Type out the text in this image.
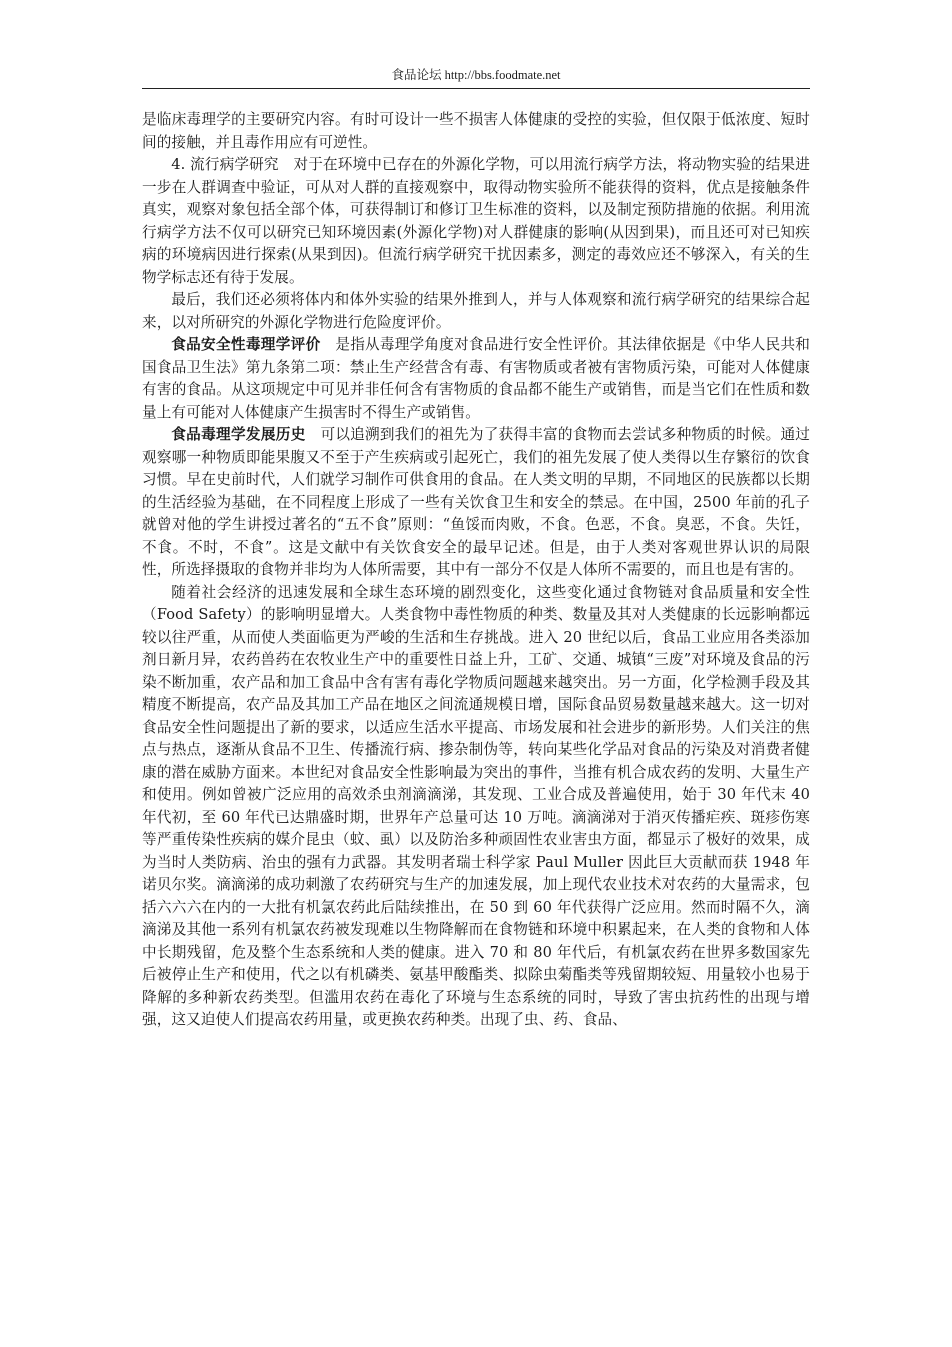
食品论坛 http://bbs.foodmate.net

是临床毒理学的主要研究内容。有时可设计一些不损害人体健康的受控的实验，但仅限于低浓度、短时间的接触，并且毒作用应有可逆性。

4. 流行病学研究　对于在环境中已存在的外源化学物，可以用流行病学方法，将动物实验的结果进一步在人群调查中验证，可从对人群的直接观察中，取得动物实验所不能获得的资料，优点是接触条件真实，观察对象包括全部个体，可获得制订和修订卫生标准的资料，以及制定预防措施的依据。利用流行病学方法不仅可以研究已知环境因素(外源化学物)对人群健康的影响(从因到果)，而且还可对已知疾病的环境病因进行探索(从果到因)。但流行病学研究干扰因素多，测定的毒效应还不够深入，有关的生物学标志还有待于发展。

最后，我们还必须将体内和体外实验的结果外推到人，并与人体观察和流行病学研究的结果综合起来，以对所研究的外源化学物进行危险度评价。

食品安全性毒理学评价　是指从毒理学角度对食品进行安全性评价。其法律依据是《中华人民共和国食品卫生法》第九条第二项：禁止生产经营含有毒、有害物质或者被有害物质污染，可能对人体健康有害的食品。从这项规定中可见并非任何含有害物质的食品都不能生产或销售，而是当它们在性质和数量上有可能对人体健康产生损害时不得生产或销售。

食品毒理学发展历史　可以追溯到我们的祖先为了获得丰富的食物而去尝试多种物质的时候。通过观察哪一种物质即能果腹又不至于产生疾病或引起死亡，我们的祖先发展了使人类得以生存繁衍的饮食习惯。早在史前时代，人们就学习制作可供食用的食品。在人类文明的早期，不同地区的民族都以长期的生活经验为基础，在不同程度上形成了一些有关饮食卫生和安全的禁忌。在中国，2500 年前的孔子就曾对他的学生讲授过著名的“五不食”原则：“鱼馁而肉败，不食。色恶，不食。臭恶，不食。失饪，不食。不时，不食”。这是文献中有关饮食安全的最早记述。但是，由于人类对客观世界认识的局限性，所选择摄取的食物并非均为人体所需要，其中有一部分不仅是人体所不需要的，而且也是有害的。

随着社会经济的迅速发展和全球生态环境的剧烈变化，这些变化通过食物链对食品质量和安全性（Food Safety）的影响明显增大。人类食物中毒性物质的种类、数量及其对人类健康的长远影响都远较以往严重，从而使人类面临更为严峻的生活和生存挑战。进入 20 世纪以后，食品工业应用各类添加剂日新月异，农药兽药在农牧业生产中的重要性日益上升，工矿、交通、城镇“三废”对环境及食品的污染不断加重，农产品和加工食品中含有害有毒化学物质问题越来越突出。另一方面，化学检测手段及其精度不断提高，农产品及其加工产品在地区之间流通规模日增，国际食品贸易数量越来越大。这一切对食品安全性问题提出了新的要求，以适应生活水平提高、市场发展和社会进步的新形势。人们关注的焦点与热点，逐渐从食品不卫生、传播流行病、掺杂制伪等，转向某些化学品对食品的污染及对消费者健康的潜在威胁方面来。本世纪对食品安全性影响最为突出的事件，当推有机合成农药的发明、大量生产和使用。例如曾被广泛应用的高效杀虫剂滴滴涕，其发现、工业合成及普遍使用，始于 30 年代末 40 年代初，至 60 年代已达鼎盛时期，世界年产总量可达 10 万吨。滴滴涕对于消灭传播疟疾、斑疹伤寒等严重传染性疾病的媒介昆虫（蚊、虱）以及防治多种顽固性农业害虫方面，都显示了极好的效果，成为当时人类防病、治虫的强有力武器。其发明者瑞士科学家 Paul Muller 因此巨大贡献而获 1948 年诺贝尔奖。滴滴涕的成功刺激了农药研究与生产的加速发展，加上现代农业技术对农药的大量需求，包括六六六在内的一大批有机氯农药此后陆续推出，在 50 到 60 年代获得广泛应用。然而时隔不久，滴滴涕及其他一系列有机氯农药被发现难以生物降解而在食物链和环境中积累起来，在人类的食物和人体中长期残留，危及整个生态系统和人类的健康。进入 70 和 80 年代后，有机氯农药在世界多数国家先后被停止生产和使用，代之以有机磷类、氨基甲酸酯类、拟除虫菊酯类等残留期较短、用量较小也易于降解的多种新农药类型。但滥用农药在毒化了环境与生态系统的同时，导致了害虫抗药性的出现与增强，这又迫使人们提高农药用量，或更换农药种类。出现了虫、药、食品、
